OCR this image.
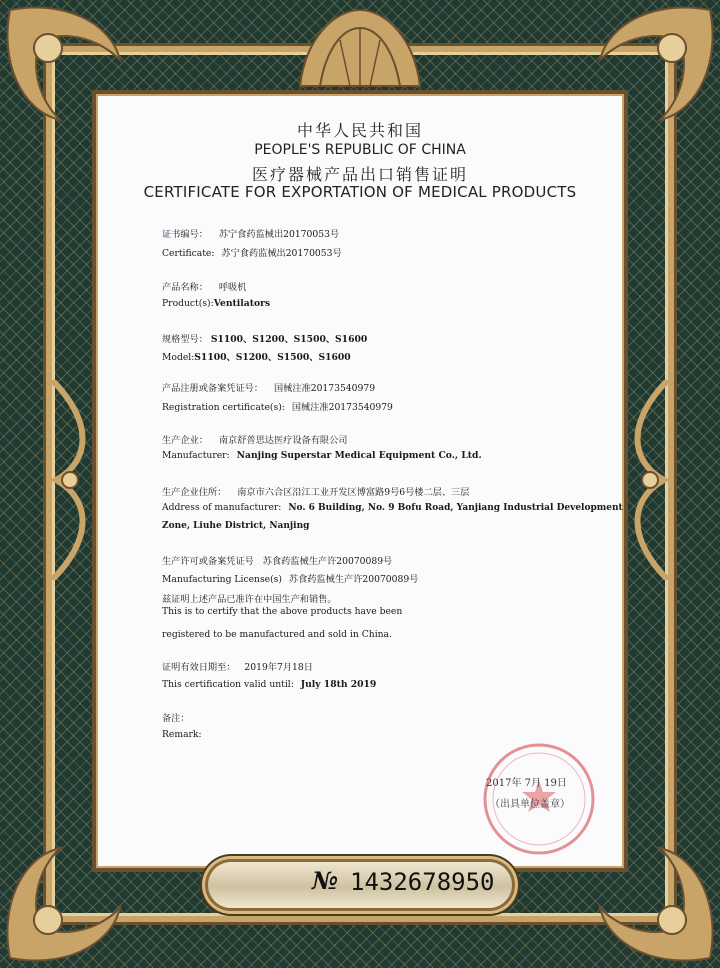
中华人民共和国
PEOPLE'S REPUBLIC OF CHINA
医疗器械产品出口销售证明
CERTIFICATE FOR EXPORTATION OF MEDICAL PRODUCTS
证书编号： 苏宁食药监械出20170053号
Certificate: 苏宁食药监械出20170053号
产品名称： 呼吸机
Product(s):Ventilators
规格型号： S1100、S1200、S1500、S1600
Model:S1100、S1200、S1500、S1600
产品注册或备案凭证号： 国械注准20173540979
Registration certificate(s): 国械注准20173540979
生产企业： 南京舒普思达医疗设备有限公司
Manufacturer: Nanjing Superstar Medical Equipment Co., Ltd.
生产企业住所： 南京市六合区沿江工业开发区博富路9号6号楼二层、三层
Address of manufacturer: No. 6 Building, No. 9 Bofu Road, Yanjiang Industrial Development
Zone, Liuhe District, Nanjing
生产许可或备案凭证号 苏食药监械生产许20070089号
Manufacturing License(s) 苏食药监械生产许20070089号
兹证明上述产品已准许在中国生产和销售。
This is to certify that the above products have been
registered to be manufactured and sold in China.
证明有效日期至： 2019年7月18日
This certification valid until: July 18th 2019
备注：
Remark:
2017年 7月 19日
（出具单位盖章）
№ 1432678950
